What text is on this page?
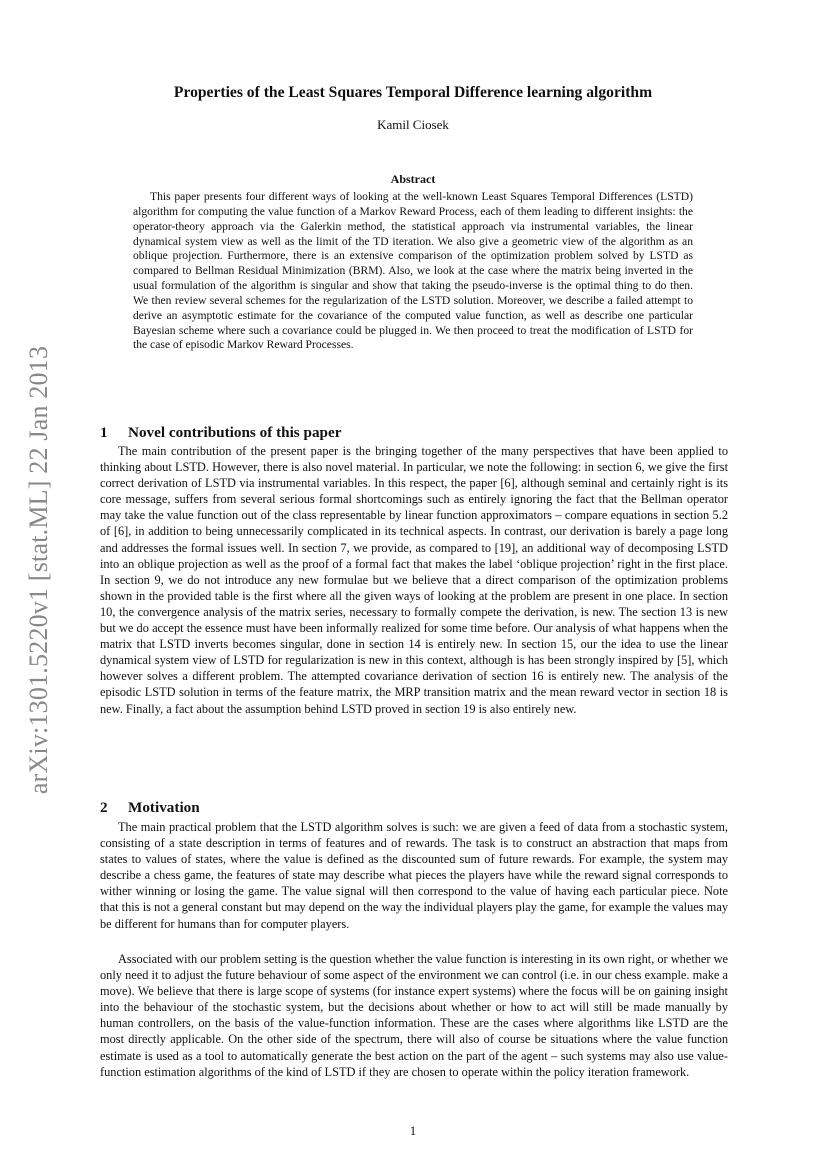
arXiv:1301.5220v1 [stat.ML] 22 Jan 2013
Properties of the Least Squares Temporal Difference learning algorithm
Kamil Ciosek
Abstract

This paper presents four different ways of looking at the well-known Least Squares Temporal Differences (LSTD) algorithm for computing the value function of a Markov Reward Process, each of them leading to different insights: the operator-theory approach via the Galerkin method, the statistical approach via instrumental variables, the linear dynamical system view as well as the limit of the TD iteration. We also give a geometric view of the algorithm as an oblique projection. Furthermore, there is an extensive comparison of the optimization problem solved by LSTD as compared to Bellman Residual Minimization (BRM). Also, we look at the case where the matrix being inverted in the usual formulation of the algorithm is singular and show that taking the pseudo-inverse is the optimal thing to do then. We then review several schemes for the regularization of the LSTD solution. Moreover, we describe a failed attempt to derive an asymptotic estimate for the covariance of the computed value function, as well as describe one particular Bayesian scheme where such a covariance could be plugged in. We then proceed to treat the modification of LSTD for the case of episodic Markov Reward Processes.

1 Novel contributions of this paper

The main contribution of the present paper is the bringing together of the many perspectives that have been applied to thinking about LSTD. However, there is also novel material. In particular, we note the following: in section 6, we give the first correct derivation of LSTD via instrumental variables. In this respect, the paper [6], although seminal and certainly right is its core message, suffers from several serious formal shortcomings such as entirely ignoring the fact that the Bellman operator may take the value function out of the class representable by linear function approximators – compare equations in section 5.2 of [6], in addition to being unnecessarily complicated in its technical aspects. In contrast, our derivation is barely a page long and addresses the formal issues well. In section 7, we provide, as compared to [19], an additional way of decomposing LSTD into an oblique projection as well as the proof of a formal fact that makes the label ‘oblique projection’ right in the first place. In section 9, we do not introduce any new formulae but we believe that a direct comparison of the optimization problems shown in the provided table is the first where all the given ways of looking at the problem are present in one place. In section 10, the convergence analysis of the matrix series, necessary to formally compete the derivation, is new. The section 13 is new but we do accept the essence must have been informally realized for some time before. Our analysis of what happens when the matrix that LSTD inverts becomes singular, done in section 14 is entirely new. In section 15, our the idea to use the linear dynamical system view of LSTD for regularization is new in this context, although is has been strongly inspired by [5], which however solves a different problem. The attempted covariance derivation of section 16 is entirely new. The analysis of the episodic LSTD solution in terms of the feature matrix, the MRP transition matrix and the mean reward vector in section 18 is new. Finally, a fact about the assumption behind LSTD proved in section 19 is also entirely new.

2 Motivation

The main practical problem that the LSTD algorithm solves is such: we are given a feed of data from a stochastic system, consisting of a state description in terms of features and of rewards. The task is to construct an abstraction that maps from states to values of states, where the value is defined as the discounted sum of future rewards. For example, the system may describe a chess game, the features of state may describe what pieces the players have while the reward signal corresponds to wither winning or losing the game. The value signal will then correspond to the value of having each particular piece. Note that this is not a general constant but may depend on the way the individual players play the game, for example the values may be different for humans than for computer players.

Associated with our problem setting is the question whether the value function is interesting in its own right, or whether we only need it to adjust the future behaviour of some aspect of the environment we can control (i.e. in our chess example. make a move). We believe that there is large scope of systems (for instance expert systems) where the focus will be on gaining insight into the behaviour of the stochastic system, but the decisions about whether or how to act will still be made manually by human controllers, on the basis of the value-function information. These are the cases where algorithms like LSTD are the most directly applicable. On the other side of the spectrum, there will also of course be situations where the value function estimate is used as a tool to automatically generate the best action on the part of the agent – such systems may also use value-function estimation algorithms of the kind of LSTD if they are chosen to operate within the policy iteration framework.

1
